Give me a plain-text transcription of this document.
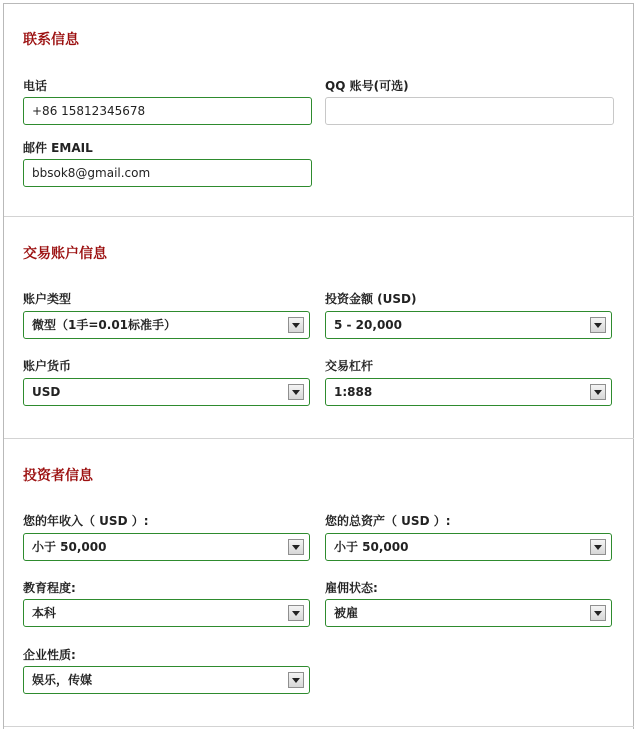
联系信息
电话
+86 15812345678
QQ 账号(可选)
邮件 EMAIL
bbsok8@gmail.com
交易账户信息
账户类型
微型（1手=0.01标准手）
投资金额 (USD)
5 - 20,000
账户货币
USD
交易杠杆
1:888
投资者信息
您的年收入（ USD ）:
小于 50,000
您的总资产（ USD ）:
小于 50,000
教育程度:
本科
雇佣状态:
被雇
企业性质:
娱乐，传媒
